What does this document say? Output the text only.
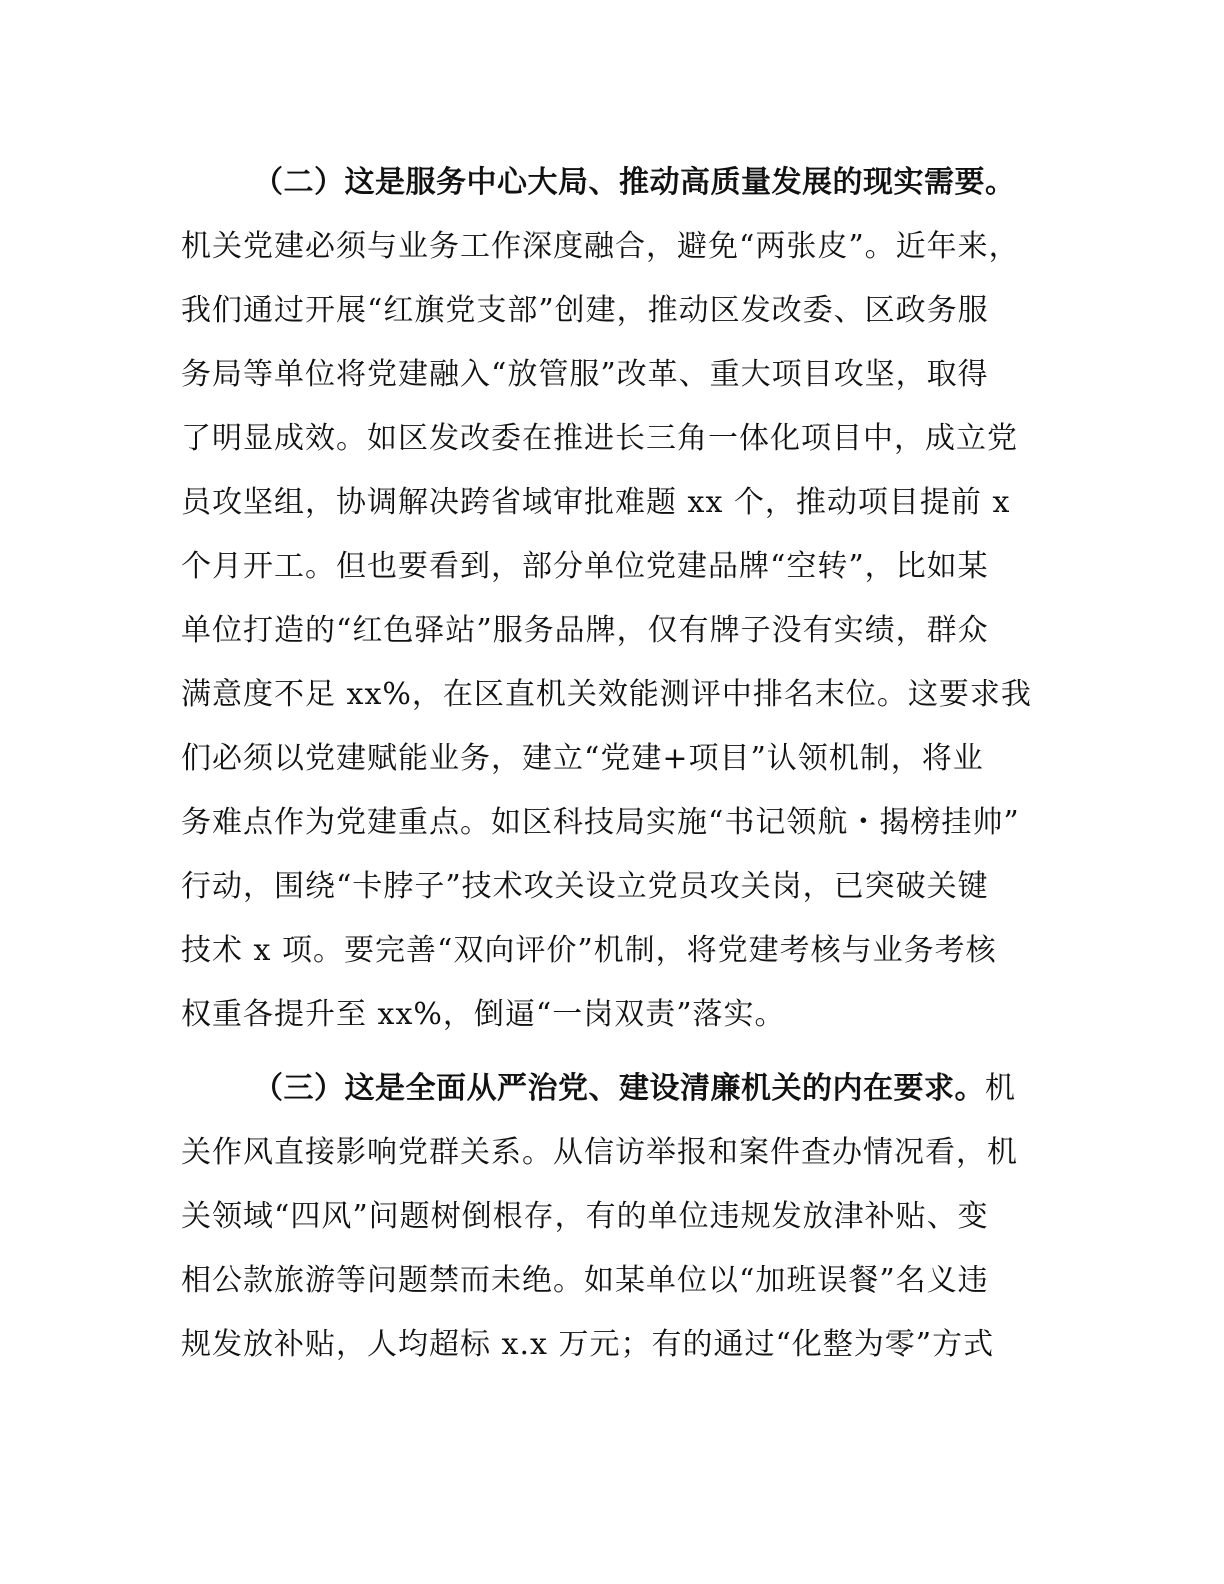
（二）这是服务中心大局、推动高质量发展的现实需要。
机关党建必须与业务工作深度融合，避免“两张皮”。近年来，
我们通过开展“红旗党支部”创建，推动区发改委、区政务服
务局等单位将党建融入“放管服”改革、重大项目攻坚，取得
了明显成效。如区发改委在推进长三角一体化项目中，成立党
员攻坚组，协调解决跨省域审批难题 xx 个，推动项目提前 x
个月开工。但也要看到，部分单位党建品牌“空转”，比如某
单位打造的“红色驿站”服务品牌，仅有牌子没有实绩，群众
满意度不足 xx%，在区直机关效能测评中排名末位。这要求我
们必须以党建赋能业务，建立“党建+项目”认领机制，将业
务难点作为党建重点。如区科技局实施“书记领航・揭榜挂帅”
行动，围绕“卡脖子”技术攻关设立党员攻关岗，已突破关键
技术 x 项。要完善“双向评价”机制，将党建考核与业务考核
权重各提升至 xx%，倒逼“一岗双责”落实。
（三）这是全面从严治党、建设清廉机关的内在要求。机
关作风直接影响党群关系。从信访举报和案件查办情况看，机
关领域“四风”问题树倒根存，有的单位违规发放津补贴、变
相公款旅游等问题禁而未绝。如某单位以“加班误餐”名义违
规发放补贴，人均超标 x.x 万元；有的通过“化整为零”方式
